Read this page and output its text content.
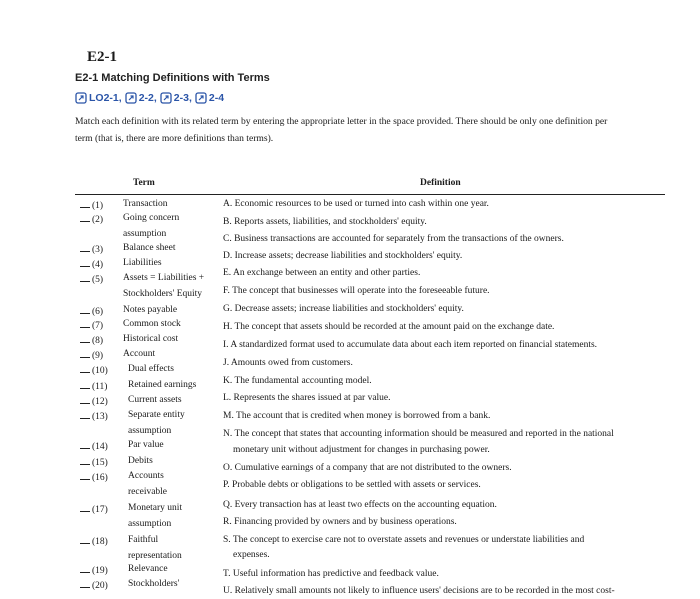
E2-1
E2-1 Matching Definitions with Terms
LO2-1, 2-2, 2-3, 2-4
Match each definition with its related term by entering the appropriate letter in the space provided. There should be only one definition per
term (that is, there are more definitions than terms).
Term	Definition
(1) Transaction
(2) Going concern
assumption
(3) Balance sheet
(4) Liabilities
(5) Assets = Liabilities +
Stockholders' Equity
(6) Notes payable
(7) Common stock
(8) Historical cost
(9) Account
(10) Dual effects
(11) Retained earnings
(12) Current assets
(13) Separate entity
assumption
(14) Par value
(15) Debits
(16) Accounts
receivable
(17) Monetary unit
assumption
(18) Faithful
representation
(19) Relevance
(20) Stockholders'
A. Economic resources to be used or turned into cash within one year.
B. Reports assets, liabilities, and stockholders' equity.
C. Business transactions are accounted for separately from the transactions of the owners.
D. Increase assets; decrease liabilities and stockholders' equity.
E. An exchange between an entity and other parties.
F. The concept that businesses will operate into the foreseeable future.
G. Decrease assets; increase liabilities and stockholders' equity.
H. The concept that assets should be recorded at the amount paid on the exchange date.
I. A standardized format used to accumulate data about each item reported on financial statements.
J. Amounts owed from customers.
K. The fundamental accounting model.
L. Represents the shares issued at par value.
M. The account that is credited when money is borrowed from a bank.
N. The concept that states that accounting information should be measured and reported in the national
monetary unit without adjustment for changes in purchasing power.
O. Cumulative earnings of a company that are not distributed to the owners.
P. Probable debts or obligations to be settled with assets or services.
Q. Every transaction has at least two effects on the accounting equation.
R. Financing provided by owners and by business operations.
S. The concept to exercise care not to overstate assets and revenues or understate liabilities and
expenses.
T. Useful information has predictive and feedback value.
U. Relatively small amounts not likely to influence users' decisions are to be recorded in the most cost-
